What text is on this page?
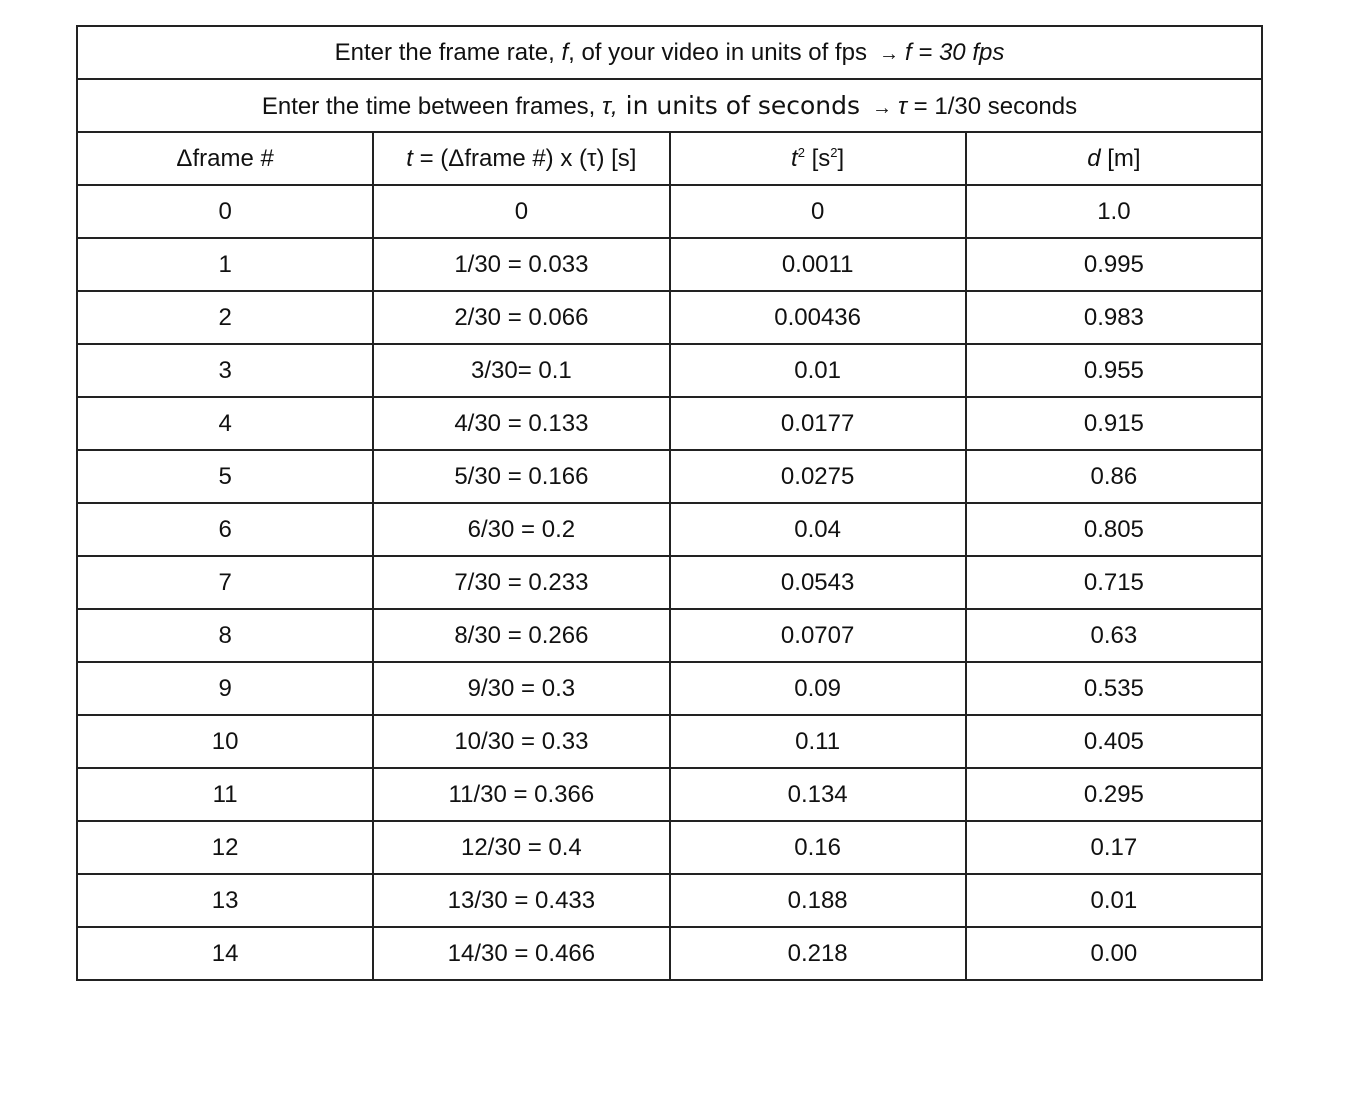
Enter the frame rate, f, of your video in units of fps → f = 30 fps			
Enter the time between frames, τ, in units of seconds → τ = 1/30 seconds			
Δframe #	t = (Δframe #) x (τ) [s]	$t^2$ $[s^2]$	d [m]
0	0	0	1.0
1	1/30 = 0.033	0.0011	0.995
2	2/30 = 0.066	0.00436	0.983
3	3/30= 0.1	0.01	0.955
4	4/30 = 0.133	0.0177	0.915
5	5/30 = 0.166	0.0275	0.86
6	6/30 = 0.2	0.04	0.805
7	7/30 = 0.233	0.0543	0.715
8	8/30 = 0.266	0.0707	0.63
9	9/30 = 0.3	0.09	0.535
10	10/30 = 0.33	0.11	0.405
11	11/30 = 0.366	0.134	0.295
12	12/30 = 0.4	0.16	0.17
13	13/30 = 0.433	0.188	0.01
14	14/30 = 0.466	0.218	0.00
